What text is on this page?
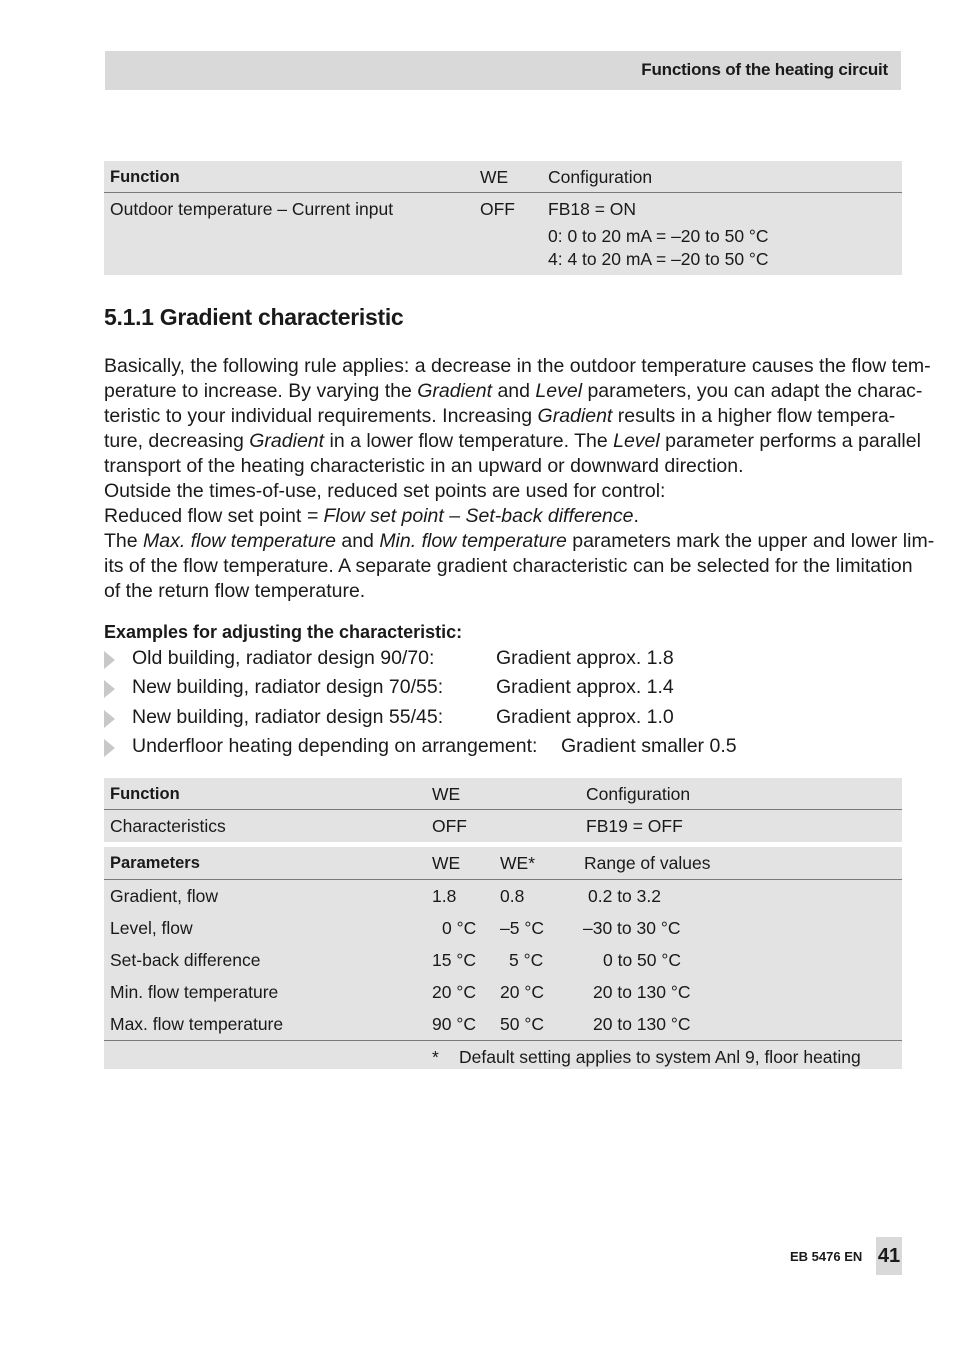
Functions of the heating circuit
Function	WE Configuration
Outdoor temperature – Current input	OFF FB18 = ON
0: 0 to 20 mA = –20 to 50 °C
4: 4 to 20 mA = –20 to 50 °C
5.1.1 Gradient characteristic
Basically, the following rule applies: a decrease in the outdoor temperature causes the flow tem-
perature to increase. By varying the Gradient and Level parameters, you can adapt the charac-
teristic to your individual requirements. Increasing Gradient results in a higher flow tempera-
ture, decreasing Gradient in a lower flow temperature. The Level parameter performs a parallel
transport of the heating characteristic in an upward or downward direction.
Outside the times-of-use, reduced set points are used for control:
Reduced flow set point = Flow set point – Set-back difference.
The Max. flow temperature and Min. flow temperature parameters mark the upper and lower lim-
its of the flow temperature. A separate gradient characteristic can be selected for the limitation
of the return flow temperature.
Examples for adjusting the characteristic:
Old building, radiator design 90/70:	Gradient approx. 1.8
New building, radiator design 70/55:	Gradient approx. 1.4
New building, radiator design 55/45:	Gradient approx. 1.0
Underfloor heating depending on arrangement: Gradient smaller 0.5
Function	WE	Configuration
Characteristics	OFF	FB19 = OFF
Parameters	WE WE*	Range of values
Gradient, flow	1.8 0.8	0.2 to 3.2
Level, flow	0 °C –5 °C –30 to 30 °C
Set-back difference	15 °C 5 °C	0 to 50 °C
Min. flow temperature	20 °C 20 °C	20 to 130 °C
Max. flow temperature	90 °C 50 °C	20 to 130 °C
* Default setting applies to system Anl 9, floor heating
EB 5476 EN 41
